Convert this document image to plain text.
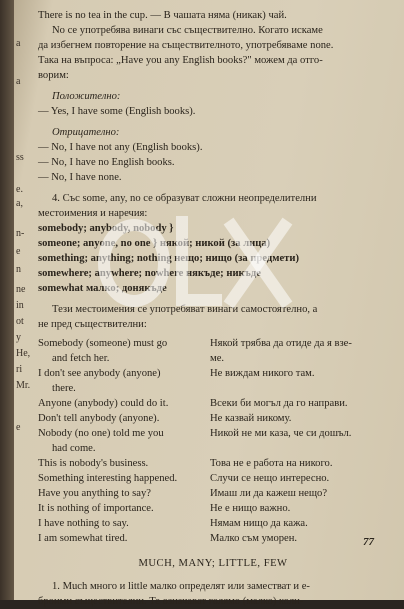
a
a
ss
e.
a,
n-
e
n
ne
in
ot
y
He,
ri
Mr.
e
There is no tea in the cup. — В чашата няма (никак) чай.
No се употребява винаги със съществително. Когато искаме
да избегнем повторение на съществителното, употребяваме none.
Така на въпроса: „Have you any English books?" можем да отго-
ворим:
Положително:
— Yes, I have some (English books).
Отрицателно:
— No, I have not any (English books).
— No, I have no English books.
— No, I have none.
4. Със some, any, no се образуват сложни неопределителни
местоимения и наречия:
somebody; anybody, nobody }
someone; anyone, no one } някой; никой (за лица)
something; anything; nothing нещо; нищо (за предмети)
somewhere; anywhere; nowhere някъде; никъде
somewhat малко; донякъде
Тези местоимения се употребяват винаги самостоятелно, а
не пред съществителни:
Somebody (someone) must go	Някой трябва да отиде да я взе-
and fetch her.	ме.
I don't see anybody (anyone)	Не виждам никого там.
there.
Anyone (anybody) could do it.	Всеки би могъл да го направи.
Don't tell anybody (anyone).	Не казвай никому.
Nobody (no one) told me you	Никой не ми каза, че си дошъл.
had come.
This is nobody's business.	Това не е работа на никого.
Something interesting happened.	Случи се нещо интересно.
Have you anything to say?	Имаш ли да кажеш нещо?
It is nothing of importance.	Не е нищо важно.
I have nothing to say.	Нямам нищо да кажа.
I am somewhat tired.	Малко съм уморен.
MUCH, MANY; LITTLE, FEW
1. Much много и little малко определят или заместват и е-
броими съществителни. Те означават голямо (малко) коли-
77
